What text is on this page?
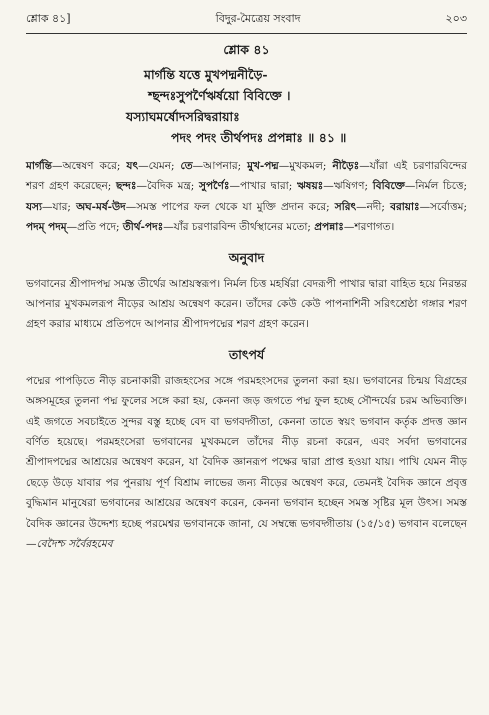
শ্লোক ৪১]	বিদুর-মৈত্রেয় সংবাদ	২০৩
শ্লোক ৪১
মার্গন্তি যত্তে মুখপদ্মনীড়ৈ-
শ্ছন্দঃসুপর্ণৈঋর্ষয়ো বিবিক্তে ।
যস্যাঘমর্ষোদসরিদ্বরায়াঃ
পদং পদং তীর্থপদঃ প্রপন্নাঃ ॥ ৪১ ॥
মার্গন্তি—অন্বেষণ করে; যৎ—যেমন; তে—আপনার; মুখ-পদ্ম—মুখকমল; নীড়ৈঃ—যাঁরা এই চরণারবিন্দের শরণ গ্রহণ করেছেন; ছন্দঃ—বৈদিক মন্ত্র; সুপর্ণৈঃ—পাখার দ্বারা; ঋষয়ঃ—ঋষিগণ; বিবিক্তে—নির্মল চিত্তে; যস্য—যার; অঘ-মর্ষ-উদ—সমস্ত পাপের ফল থেকে যা মুক্তি প্রদান করে; সরিৎ—নদী; বরায়াঃ—সর্বোত্তম; পদম্ পদম্—প্রতি পদে; তীর্থ-পদঃ—যাঁর চরণারবিন্দ তীর্থস্থানের মতো; প্রপন্নাঃ—শরণাগত।
অনুবাদ
ভগবানের শ্রীপাদপদ্ম সমস্ত তীর্থের আশ্রয়স্বরূপ। নির্মল চিত্ত মহর্ষিরা বেদরূপী পাখার দ্বারা বাহিত হয়ে নিরন্তর আপনার মুখকমলরূপ নীড়ের আশ্রয় অন্বেষণ করেন। তাঁদের কেউ কেউ পাপনাশিনী সরিৎশ্রেষ্ঠা গঙ্গার শরণ গ্রহণ করার মাধ্যমে প্রতিপদে আপনার শ্রীপাদপদ্মের শরণ গ্রহণ করেন।
তাৎপর্য
পদ্মের পাপড়িতে নীড় রচনাকারী রাজহংসের সঙ্গে পরমহংসদের তুলনা করা হয়। ভগবানের চিন্ময় বিগ্রহের অঙ্গসমূহের তুলনা পদ্ম ফুলের সঙ্গে করা হয়, কেননা জড় জগতে পদ্ম ফুল হচ্ছে সৌন্দর্যের চরম অভিব্যক্তি। এই জগতে সবচাইতে সুন্দর বস্তু হচ্ছে বেদ বা ভগবদ্গীতা, কেননা তাতে স্বয়ং ভগবান কর্তৃক প্রদত্ত জ্ঞান বর্ণিত হয়েছে। পরমহংসেরা ভগবানের মুখকমলে তাঁদের নীড় রচনা করেন, এবং সর্বদা ভগবানের শ্রীপাদপদ্মের আশ্রয়ের অন্বেষণ করেন, যা বৈদিক জ্ঞানরূপ পক্ষের দ্বারা প্রাপ্ত হওয়া যায়। পাখি যেমন নীড় ছেড়ে উড়ে যাবার পর পুনরায় পূর্ণ বিশ্রাম লাভের জন্য নীড়ের অন্বেষণ করে, তেমনই বৈদিক জ্ঞানে প্রবৃত্ত বুদ্ধিমান মানুষেরা ভগবানের আশ্রয়ের অন্বেষণ করেন, কেননা ভগবান হচ্ছেন সমস্ত সৃষ্টির মূল উৎস। সমস্ত বৈদিক জ্ঞানের উদ্দেশ্য হচ্ছে পরমেশ্বর ভগবানকে জানা, যে সম্বন্ধে ভগবদ্গীতায় (১৫/১৫) ভগবান বলেছেন—বেদৈশ্চ সর্বৈরহমেব
